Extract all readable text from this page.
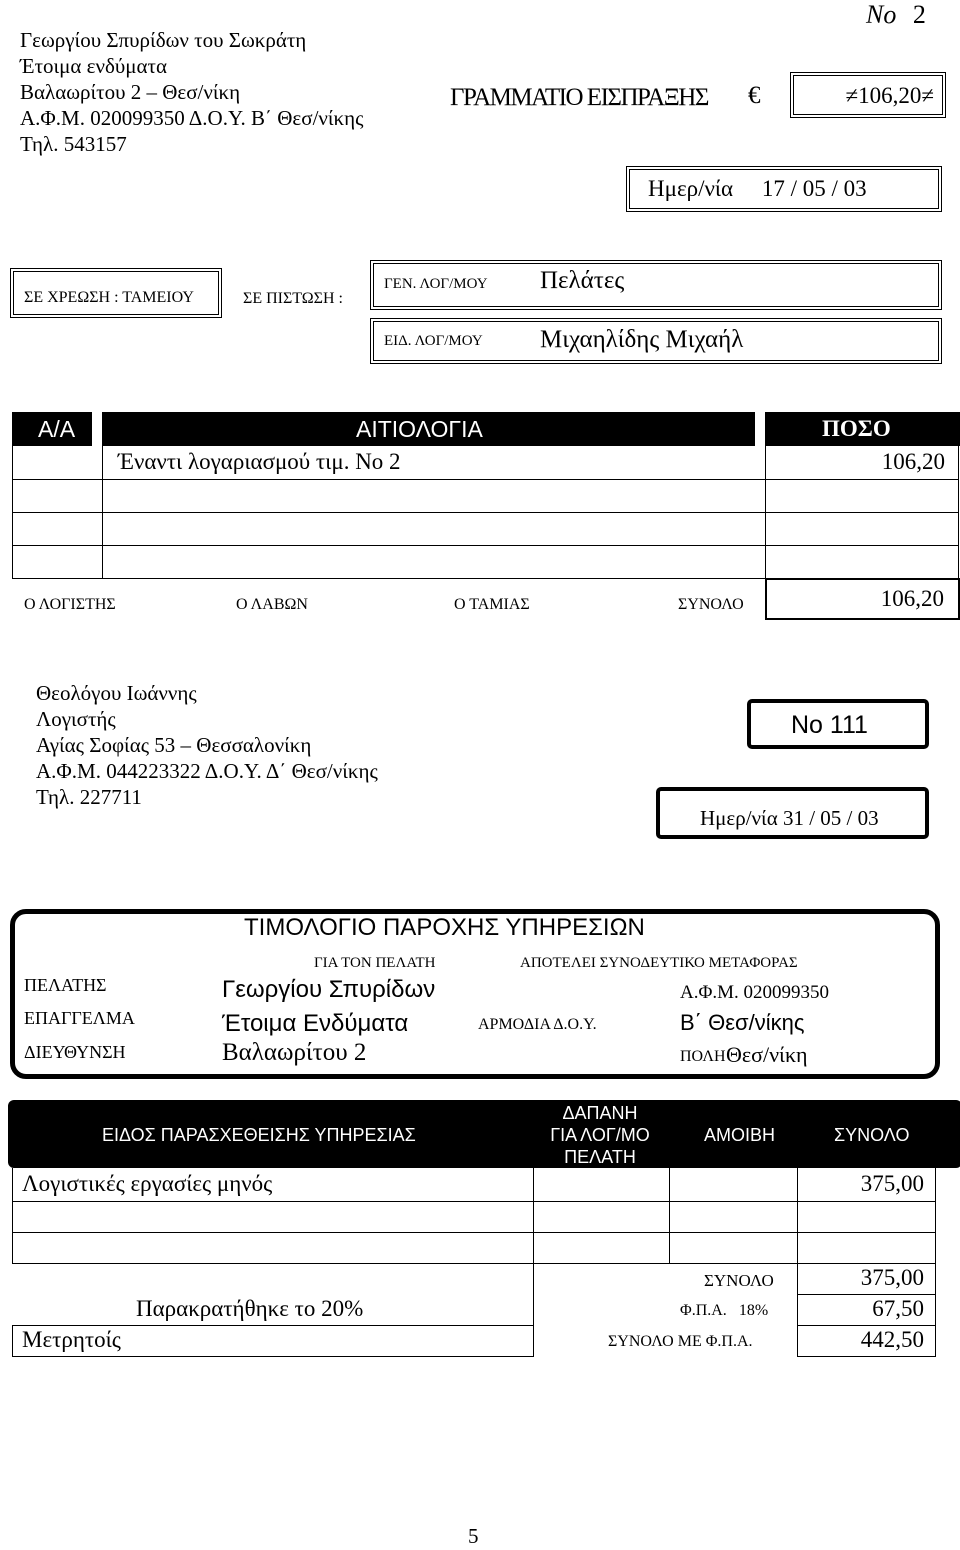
Γεωργίου Σπυρίδων του Σωκράτη
Έτοιμα ενδύματα
Βαλαωρίτου 2 – Θεσ/νίκη
Α.Φ.Μ. 020099350 Δ.Ο.Υ. Β΄ Θεσ/νίκης
Τηλ. 543157
Νο 2
ΓΡΑΜΜΑΤΙΟ ΕΙΣΠΡΑΞΗΣ €	≠106,20≠
Ημερ/νία     17 / 05 / 03
ΣΕ ΧΡΕΩΣΗ : ΤΑΜΕΙΟΥ	ΣΕ ΠΙΣΤΩΣΗ :
ΓΕΝ. ΛΟΓ/ΜΟΥ Πελάτες
ΕΙΔ. ΛΟΓ/ΜΟΥ Μιχαηλίδης Μιχαήλ
Α/Α	ΑΙΤΙΟΛΟΓΙΑ	ΠΟΣΟ
Έναντι λογαριασμού τιμ. Νο 2	106,20
Ο ΛΟΓΙΣΤΗΣ	Ο ΛΑΒΩΝ	Ο ΤΑΜΙΑΣ	ΣΥΝΟΛΟ	106,20
Θεολόγου Ιωάννης
Λογιστής
Αγίας Σοφίας 53 – Θεσσαλονίκη
Α.Φ.Μ. 044223322 Δ.Ο.Υ. Δ΄ Θεσ/νίκης
Τηλ. 227711
Νο 111
Ημερ/νία 31 / 05 / 03
ΤΙΜΟΛΟΓΙΟ ΠΑΡΟΧΗΣ ΥΠΗΡΕΣΙΩΝ
ΓΙΑ ΤΟΝ ΠΕΛΑΤΗ	ΑΠΟΤΕΛΕΙ ΣΥΝΟΔΕΥΤΙΚΟ ΜΕΤΑΦΟΡΑΣ
ΠΕΛΑΤΗΣ	Γεωργίου Σπυρίδων	Α.Φ.Μ. 020099350
ΕΠΑΓΓΕΛΜΑ	Έτοιμα Ενδύματα	ΑΡΜΟΔΙΑ Δ.Ο.Υ.	Β΄ Θεσ/νίκης
ΔΙΕΥΘΥΝΣΗ	Βαλαωρίτου 2	ΠΟΛΗ Θεσ/νίκη
ΕΙΔΟΣ ΠΑΡΑΣΧΕΘΕΙΣΗΣ ΥΠΗΡΕΣΙΑΣ
ΔΑΠΑΝΗ
ΓΙΑ ΛΟΓ/ΜΟ
ΠΕΛΑΤΗ
ΑΜΟΙΒΗ	ΣΥΝΟΛΟ
Λογιστικές εργασίες μηνός	375,00
ΣΥΝΟΛΟ	375,00
Παρακρατήθηκε το 20%	Φ.Π.Α. 18%	67,50
Μετρητοίς	ΣΥΝΟΛΟ ΜΕ Φ.Π.Α.	442,50
5
